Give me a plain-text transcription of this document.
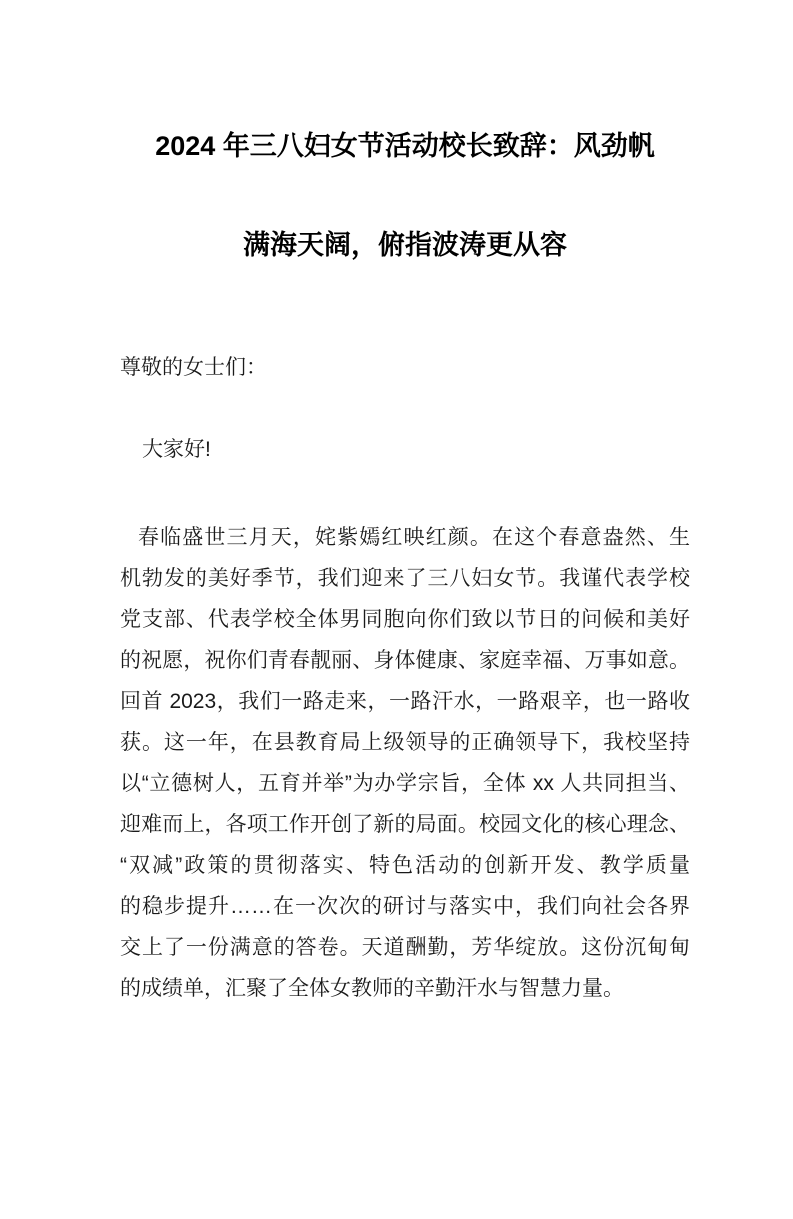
2024 年三八妇女节活动校长致辞：风劲帆
满海天阔，俯指波涛更从容

尊敬的女士们：

大家好!

春临盛世三月天，姹紫嫣红映红颜。在这个春意盎然、生
机勃发的美好季节，我们迎来了三八妇女节。我谨代表学校
党支部、代表学校全体男同胞向你们致以节日的问候和美好
的祝愿，祝你们青春靓丽、身体健康、家庭幸福、万事如意。
回首 2023，我们一路走来，一路汗水，一路艰辛，也一路收
获。这一年，在县教育局上级领导的正确领导下，我校坚持
以“立德树人，五育并举”为办学宗旨，全体 xx 人共同担当、
迎难而上，各项工作开创了新的局面。校园文化的核心理念、
“双减”政策的贯彻落实、特色活动的创新开发、教学质量
的稳步提升……在一次次的研讨与落实中，我们向社会各界
交上了一份满意的答卷。天道酬勤，芳华绽放。这份沉甸甸
的成绩单，汇聚了全体女教师的辛勤汗水与智慧力量。
